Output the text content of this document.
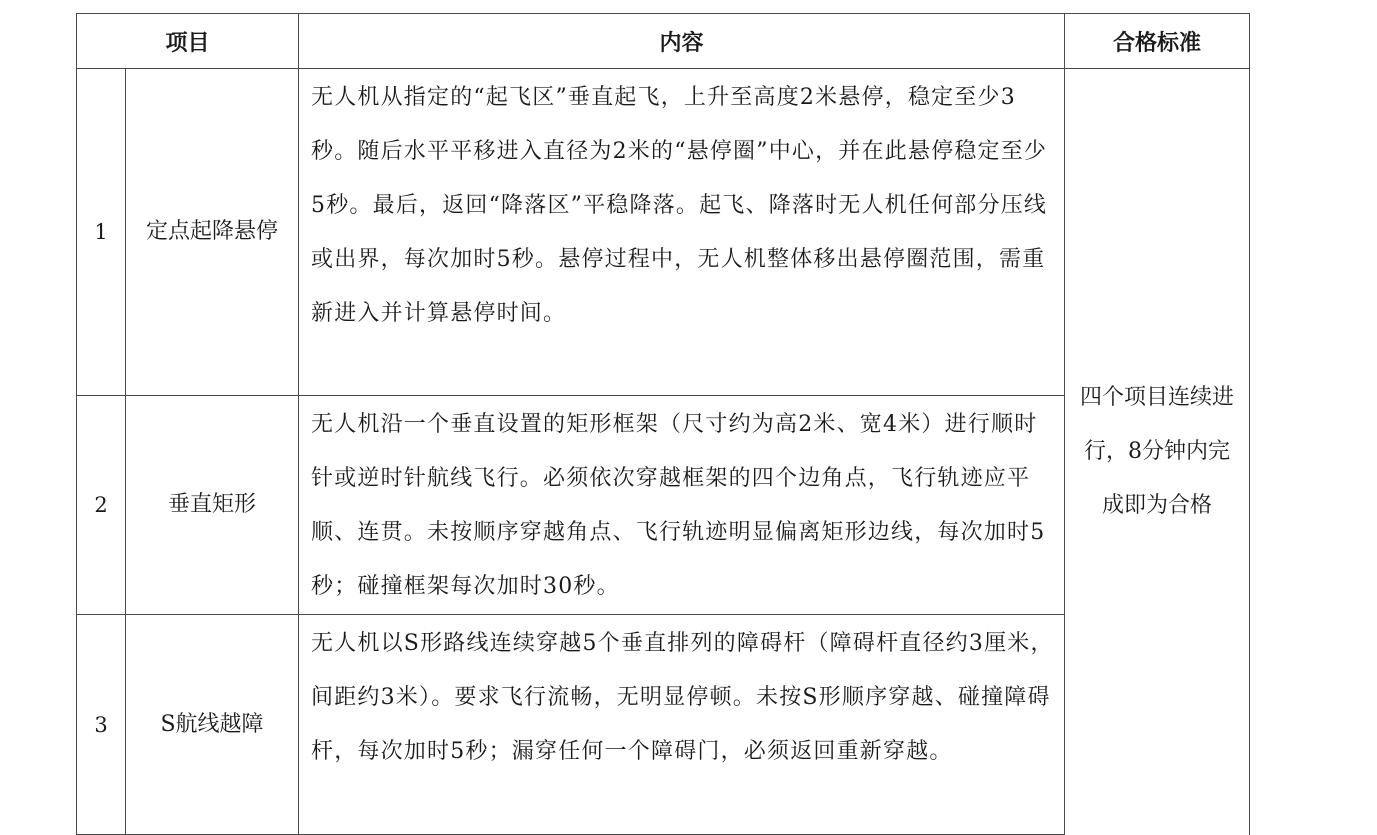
项目		内容	合格标准
1	定点起降悬停	无人机从指定的“起飞区”垂直起飞，上升至高度2米悬停，稳定至少3秒。随后水平平移进入直径为2米的“悬停圈”中心，并在此悬停稳定至少5秒。最后，返回“降落区”平稳降落。起飞、降落时无人机任何部分压线或出界，每次加时5秒。悬停过程中，无人机整体移出悬停圈范围，需重新进入并计算悬停时间。	四个项目连续进行，8分钟内完成即为合格
2	垂直矩形	无人机沿一个垂直设置的矩形框架（尺寸约为高2米、宽4米）进行顺时针或逆时针航线飞行。必须依次穿越框架的四个边角点，飞行轨迹应平顺、连贯。未按顺序穿越角点、飞行轨迹明显偏离矩形边线，每次加时5秒；碰撞框架每次加时30秒。	
3	S航线越障	无人机以S形路线连续穿越5个垂直排列的障碍杆（障碍杆直径约3厘米，间距约3米）。要求飞行流畅，无明显停顿。未按S形顺序穿越、碰撞障碍杆，每次加时5秒；漏穿任何一个障碍门，必须返回重新穿越。	
